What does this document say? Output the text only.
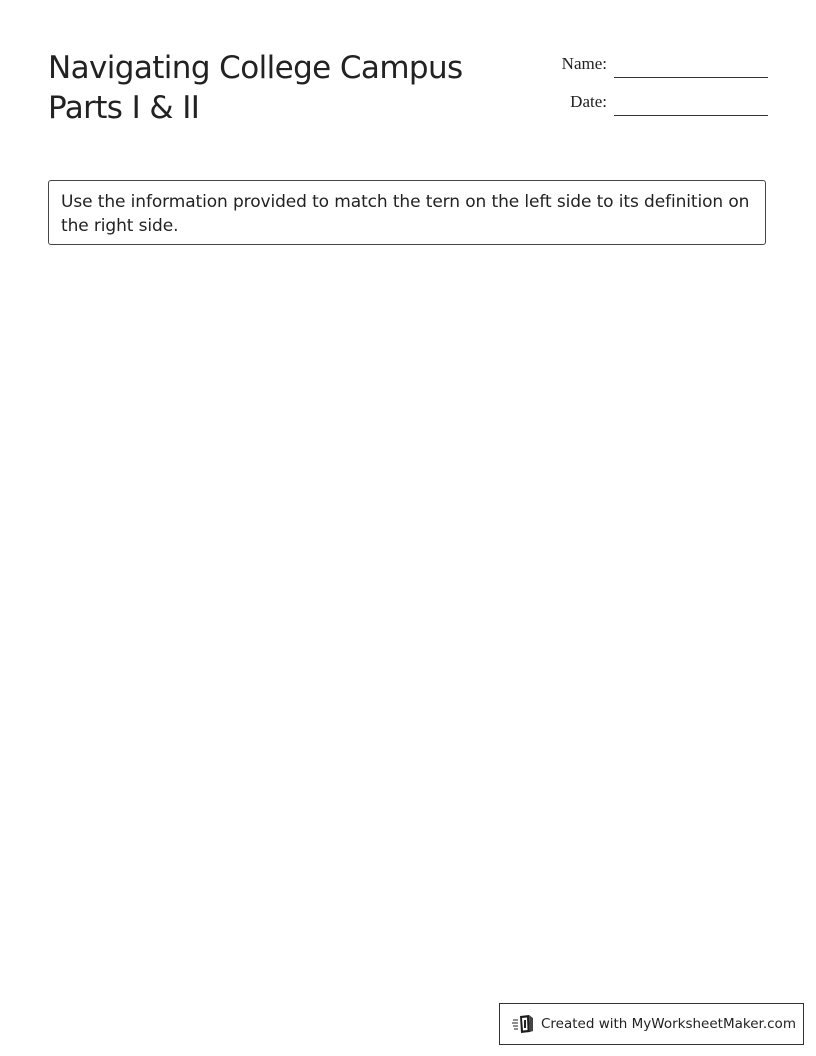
Navigating College Campus
Parts I & II
Name:
Date:
Use the information provided to match the tern on the left side to its definition on the right side.
Created with MyWorksheetMaker.com
